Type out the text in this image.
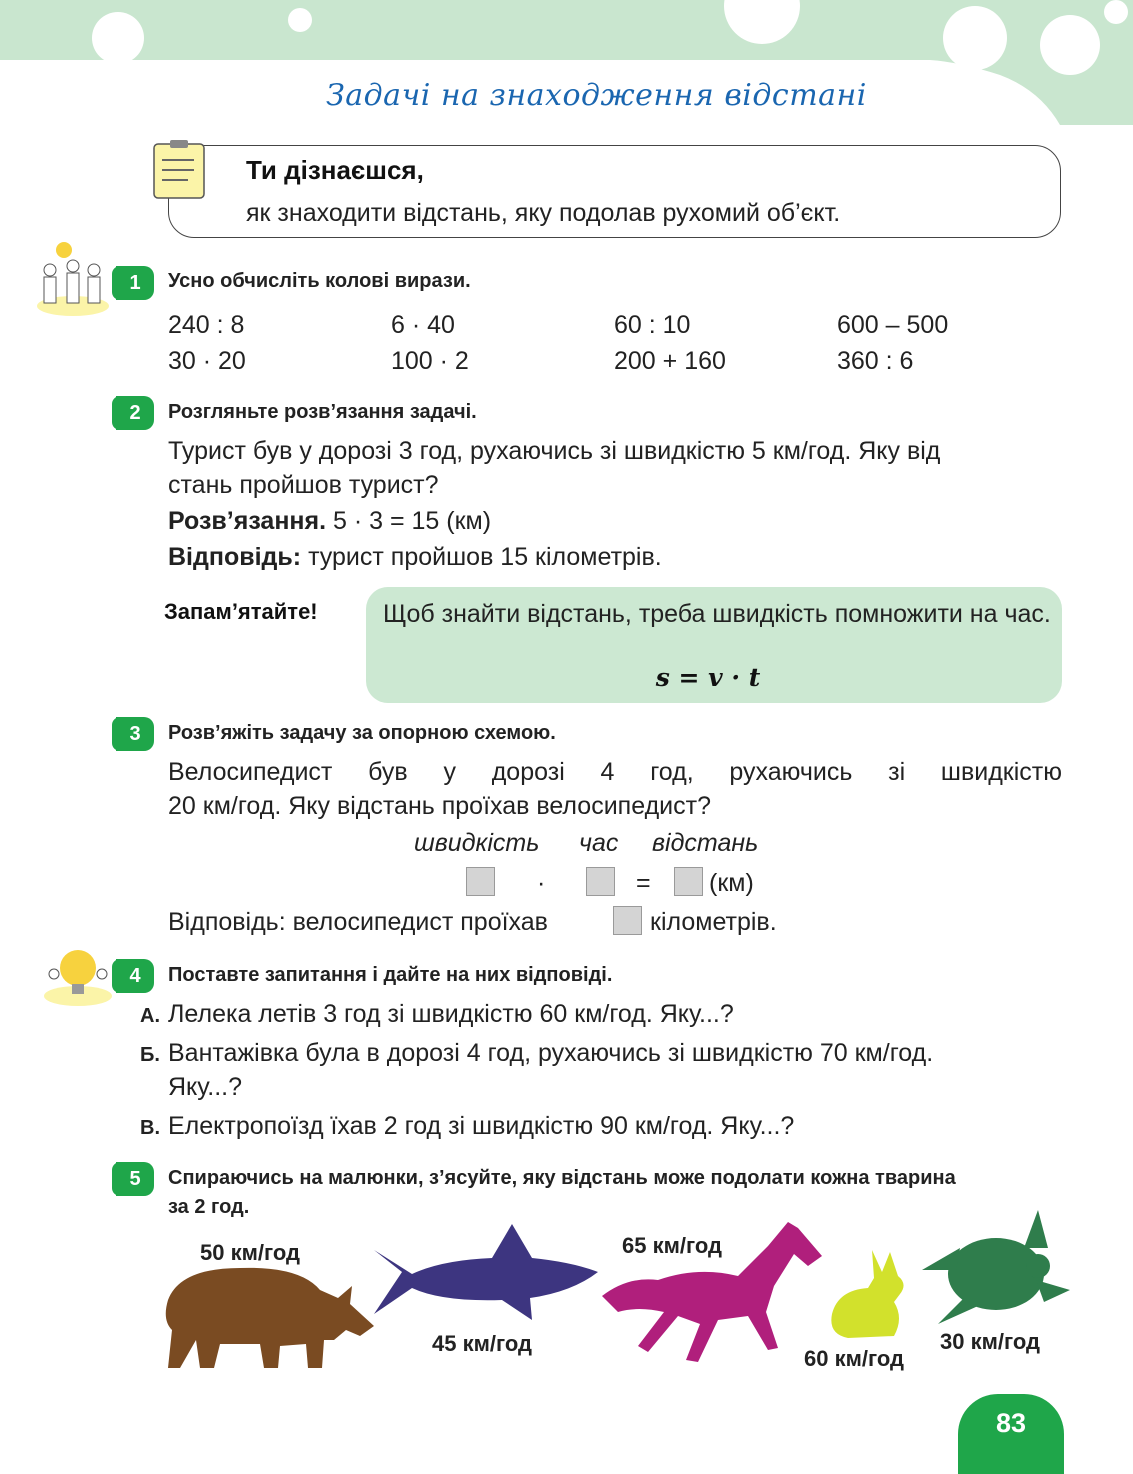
Задачі на знаходження відстані
Ти дізнаєшся,
як знаходити відстань, яку подолав рухомий об’єкт.
1	Усно обчисліть колові вирази.
240 : 8	6 · 40	60 : 10	600 – 500
30 · 20	100 · 2	200 + 160	360 : 6
2	Розгляньте розв’язання задачі.
Турист був у дорозі 3 год, рухаючись зі швидкістю 5 км/год. Яку від
стань пройшов турист?
Розв’язання. 5 · 3 = 15 (км)
Відповідь: турист пройшов 15 кілометрів.
Запам’ятайте!	Щоб знайти відстань, треба швидкість помножити на час.
s = v · t
3	Розв’яжіть задачу за опорною схемою.
Велосипедист був у дорозі 4 год, рухаючись зі швидкістю
20 км/год. Яку відстань проїхав велосипедист?
швидкість час відстань
·	= (км)
Відповідь: велосипедист проїхав	кілометрів.
4	Поставте запитання і дайте на них відповіді.
А. Лелека летів 3 год зі швидкістю 60 км/год. Яку...?
Б. Вантажівка була в дорозі 4 год, рухаючись зі швидкістю 70 км/год.
Яку...?
В. Електропоїзд їхав 2 год зі швидкістю 90 км/год. Яку...?
5	Спираючись на малюнки, з’ясуйте, яку відстань може подолати кожна тварина
за 2 год.
50 км/год
45 км/год
65 км/год
60 км/год
30 км/год
83
